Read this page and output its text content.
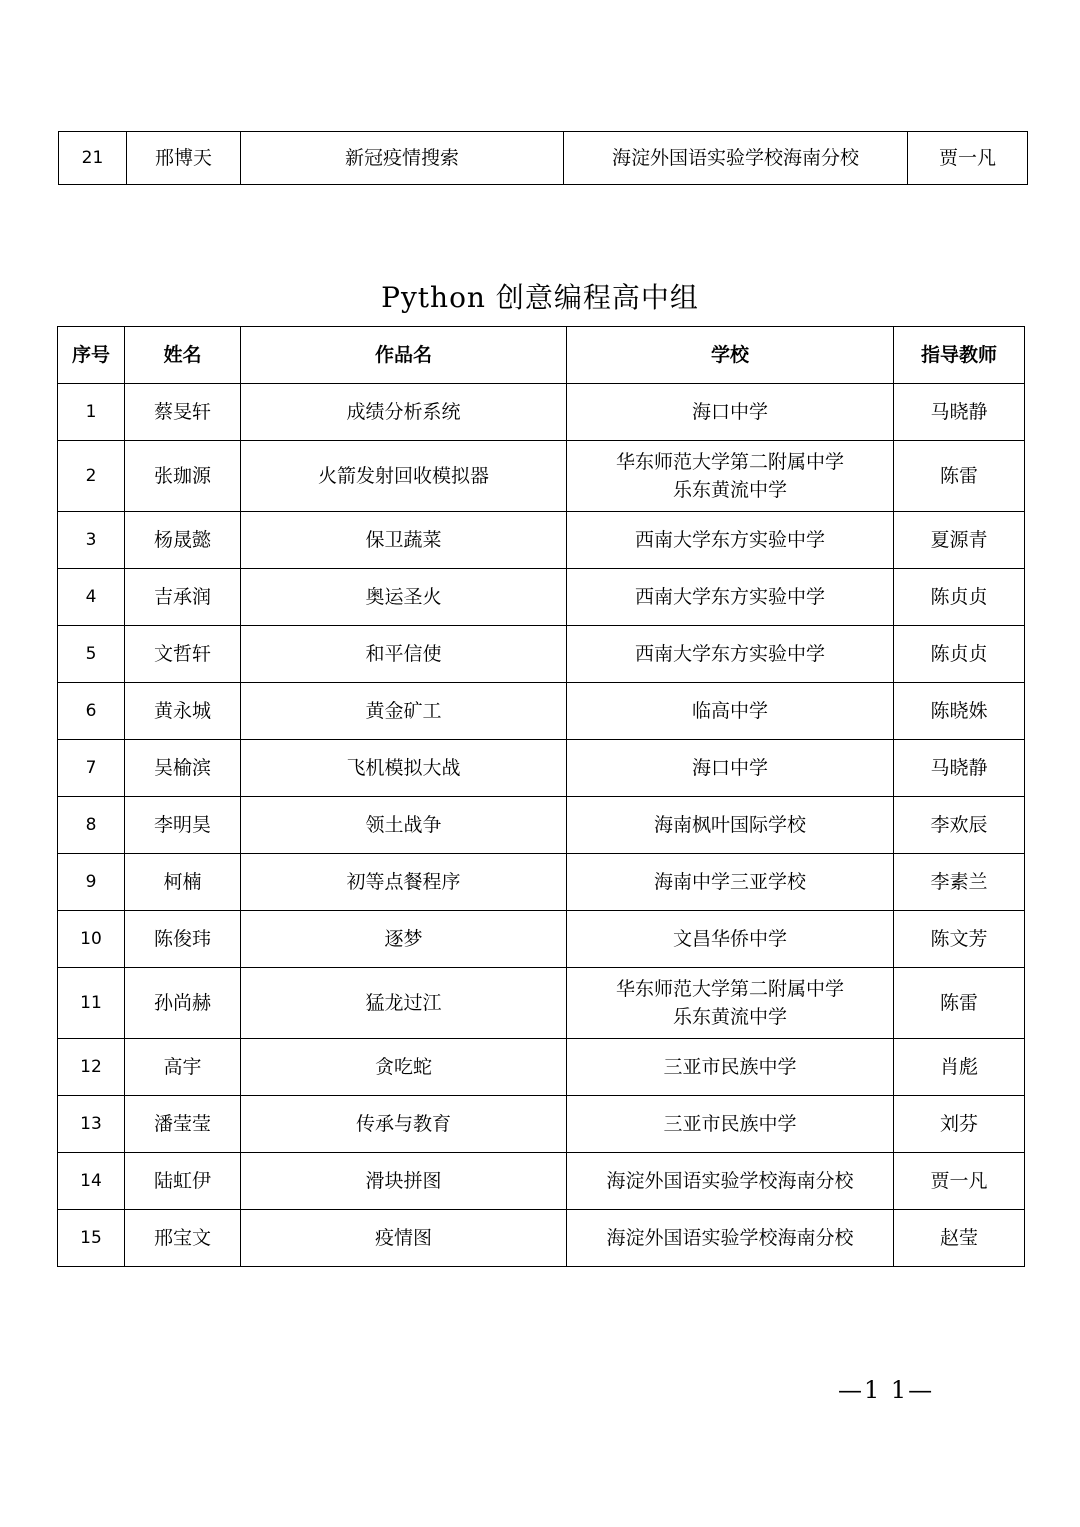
21	邢博天	新冠疫情搜索	海淀外国语实验学校海南分校	贾一凡
Python 创意编程高中组
序号	姓名	作品名	学校	指导教师
1	蔡旻轩	成绩分析系统	海口中学	马晓静
2	张珈源	火箭发射回收模拟器	华东师范大学第二附属中学
乐东黄流中学	陈雷
3	杨晟懿	保卫蔬菜	西南大学东方实验中学	夏源青
4	吉承润	奥运圣火	西南大学东方实验中学	陈贞贞
5	文哲轩	和平信使	西南大学东方实验中学	陈贞贞
6	黄永城	黄金矿工	临高中学	陈晓姝
7	吴榆滨	飞机模拟大战	海口中学	马晓静
8	李明昊	领土战争	海南枫叶国际学校	李欢辰
9	柯楠	初等点餐程序	海南中学三亚学校	李素兰
10	陈俊玮	逐梦	文昌华侨中学	陈文芳
11	孙尚赫	猛龙过江	华东师范大学第二附属中学
乐东黄流中学	陈雷
12	高宇	贪吃蛇	三亚市民族中学	肖彪
13	潘莹莹	传承与教育	三亚市民族中学	刘芬
14	陆虹伊	滑块拼图	海淀外国语实验学校海南分校	贾一凡
15	邢宝文	疫情图	海淀外国语实验学校海南分校	赵莹
—1 1—
